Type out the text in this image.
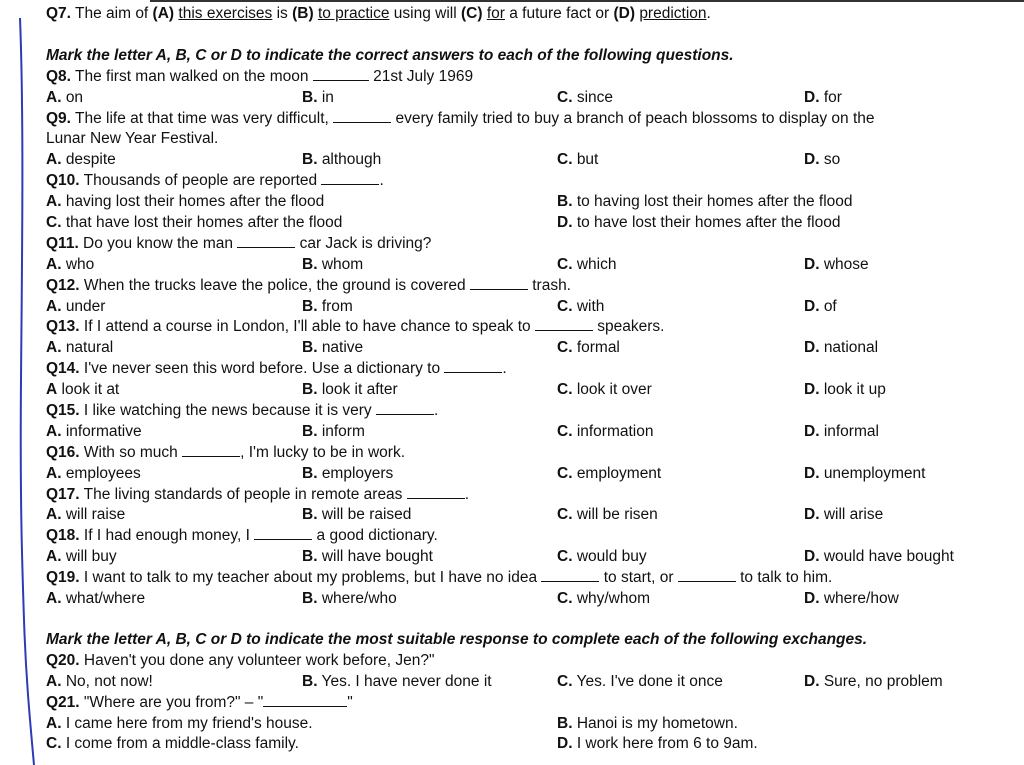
Q7. The aim of (A) this exercises is (B) to practice using will (C) for a future fact or (D) prediction.
Mark the letter A, B, C or D to indicate the correct answers to each of the following questions.
Q8. The first man walked on the moon	21st July 1969
A. on	B. in	C. since	D. for
Q9. The life at that time was very difficult,	every family tried to buy a branch of peach blossoms to display on the
Lunar New Year Festival.
A. despite	B. although	C. but	D. so
Q10. Thousands of people are reported	.
A. having lost their homes after the flood	B. to having lost their homes after the flood
C. that have lost their homes after the flood	D. to have lost their homes after the flood
Q11. Do you know the man	car Jack is driving?
A. who	B. whom	C. which	D. whose
Q12. When the trucks leave the police, the ground is covered	trash.
A. under	B. from	C. with	D. of
Q13. If I attend a course in London, I'll able to have chance to speak to	speakers.
A. natural	B. native	C. formal	D. national
Q14. I've never seen this word before. Use a dictionary to	.
A look it at	B. look it after	C. look it over	D. look it up
Q15. I like watching the news because it is very	.
A. informative	B. inform	C. information	D. informal
Q16. With so much	, I'm lucky to be in work.
A. employees	B. employers	C. employment	D. unemployment
Q17. The living standards of people in remote areas	.
A. will raise	B. will be raised	C. will be risen	D. will arise
Q18. If I had enough money, I	a good dictionary.
A. will buy	B. will have bought	C. would buy	D. would have bought
Q19. I want to talk to my teacher about my problems, but I have no idea	to start, or	to talk to him.
A. what/where	B. where/who	C. why/whom	D. where/how
Mark the letter A, B, C or D to indicate the most suitable response to complete each of the following exchanges.
Q20. Haven't you done any volunteer work before, Jen?"
A. No, not now!	B. Yes. I have never done it	C. Yes. I've done it once	D. Sure, no problem
Q21. "Where are you from?" – "	"
A. I came here from my friend's house.	B. Hanoi is my hometown.
C. I come from a middle-class family.	D. I work here from 6 to 9am.
